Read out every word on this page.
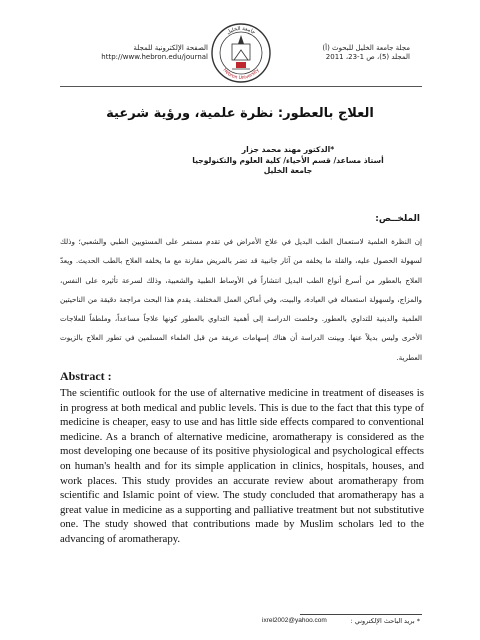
الصفحة الإلكترونية للمجلة
http://www.hebron.edu/journal
جامعة الخليل
Hebron University
مجلة جامعة الخليل للبحوث (أ)
المجلد (5)، ص 1-23، 2011
العلاج بالعطور: نظرة علمية، ورؤية شرعية
*الدكتور مهند محمد جزار
أستاذ مساعد/ قسم الأحياء/ كلية العلوم والتكنولوجيا
جامعة الخليل
الملخــص:
إن النظرة العلمية لاستعمال الطب البديل في علاج الأمراض في تقدم مستمر على المستويين الطبي والشعبي؛ وذلك لسهولة الحصول عليه، والقلة ما يخلفه من آثار جانبية قد تضر بالمريض مقارنة مع ما يخلفه العلاج بالطب الحديث. ويعدّ العلاج بالعطور من أسرع أنواع الطب البديل انتشاراً في الأوساط الطبية والشعبية، وذلك لسرعة تأثيره على النفس، والمزاج، ولسهولة استعماله في العيادة، والبيت، وفي أماكن العمل المختلفة. يقدم هذا البحث مراجعة دقيقة من الناحيتين العلمية والدينية للتداوي بالعطور. وخلصت الدراسة إلى أهمية التداوي بالعطور كونها علاجاً مساعداً، وملطفاً للعلاجات الأخرى وليس بديلاً عنها. وبينت الدراسة أن هناك إسهامات عريقة من قبل العلماء المسلمين في تطور العلاج بالزيوت العطرية.
Abstract :
The scientific outlook for the use of alternative medicine in treatment of diseases is in progress at both medical and public levels. This is due to the fact that this type of medicine is cheaper, easy to use and has little side effects compared to conventional medicine. As a branch of alternative medicine, aromatherapy is considered as the most developing one because of its positive physiological and psychological effects on human's health and for its simple application in clinics, hospitals, houses, and work places. This study provides an accurate review about aromatherapy from scientific and Islamic point of view. The study concluded that aromatherapy has a great value in medicine as a supporting and palliative treatment but not substitutive one. The study showed that contributions made by Muslim scholars led to the advancing of aromatherapy.
* بريد الباحث الإلكتروني :
ixrel2002@yahoo.com
